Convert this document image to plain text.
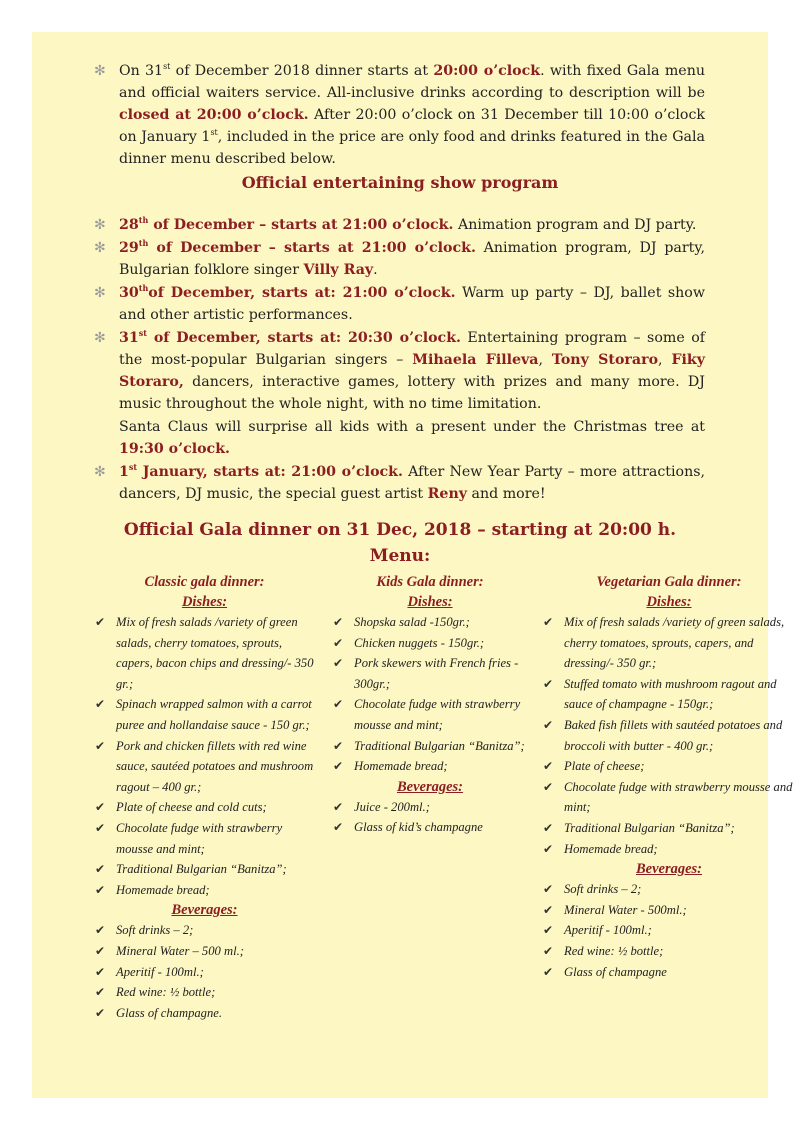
✻ On 31st of December 2018 dinner starts at 20:00 o’clock. with fixed Gala menu and official waiters service. All-inclusive drinks according to description will be closed at 20:00 o’clock. After 20:00 o’clock on 31 December till 10:00 o’clock on January 1st, included in the price are only food and drinks featured in the Gala dinner menu described below.
Official entertaining show program
✻ 28th of December – starts at 21:00 o’clock. Animation program and DJ party.
✻ 29th of December – starts at 21:00 o’clock. Animation program, DJ party, Bulgarian folklore singer Villy Ray.
✻ 30thof December, starts at: 21:00 o’clock. Warm up party – DJ, ballet show and other artistic performances.
✻ 31st of December, starts at: 20:30 o’clock. Entertaining program – some of the most-popular Bulgarian singers – Mihaela Filleva, Tony Storaro, Fiky Storaro, dancers, interactive games, lottery with prizes and many more. DJ music throughout the whole night, with no time limitation.
Santa Claus will surprise all kids with a present under the Christmas tree at 19:30 o’clock.
✻ 1st January, starts at: 21:00 o’clock. After New Year Party – more attractions, dancers, DJ music, the special guest artist Reny and more!
Official Gala dinner on 31 Dec, 2018 – starting at 20:00 h.
Menu:
Classic gala dinner:
Dishes:
✔ Mix of fresh salads /variety of green salads, cherry tomatoes, sprouts, capers, bacon chips and dressing/- 350 gr.;
✔ Spinach wrapped salmon with a carrot puree and hollandaise sauce - 150 gr.;
✔ Pork and chicken fillets with red wine sauce, sautéed potatoes and mushroom ragout – 400 gr.;
✔ Plate of cheese and cold cuts;
✔ Chocolate fudge with strawberry mousse and mint;
✔ Traditional Bulgarian “Banitza”;
✔ Homemade bread;
Beverages:
✔ Soft drinks – 2;
✔ Mineral Water – 500 ml.;
✔ Aperitif - 100ml.;
✔ Red wine: ½ bottle;
✔ Glass of champagne.
Kids Gala dinner:
Dishes:
✔ Shopska salad -150gr.;
✔ Chicken nuggets - 150gr.;
✔ Pork skewers with French fries - 300gr.;
✔ Chocolate fudge with strawberry mousse and mint;
✔ Traditional Bulgarian “Banitza”;
✔ Homemade bread;
Beverages:
✔ Juice - 200ml.;
✔ Glass of kid’s champagne
Vegetarian Gala dinner:
Dishes:
✔ Mix of fresh salads /variety of green salads, cherry tomatoes, sprouts, capers, and dressing/- 350 gr.;
✔ Stuffed tomato with mushroom ragout and sauce of champagne - 150gr.;
✔ Baked fish fillets with sautéed potatoes and broccoli with butter - 400 gr.;
✔ Plate of cheese;
✔ Chocolate fudge with strawberry mousse and mint;
✔ Traditional Bulgarian “Banitza”;
✔ Homemade bread;
Beverages:
✔ Soft drinks – 2;
✔ Mineral Water - 500ml.;
✔ Aperitif - 100ml.;
✔ Red wine: ½ bottle;
✔ Glass of champagne
